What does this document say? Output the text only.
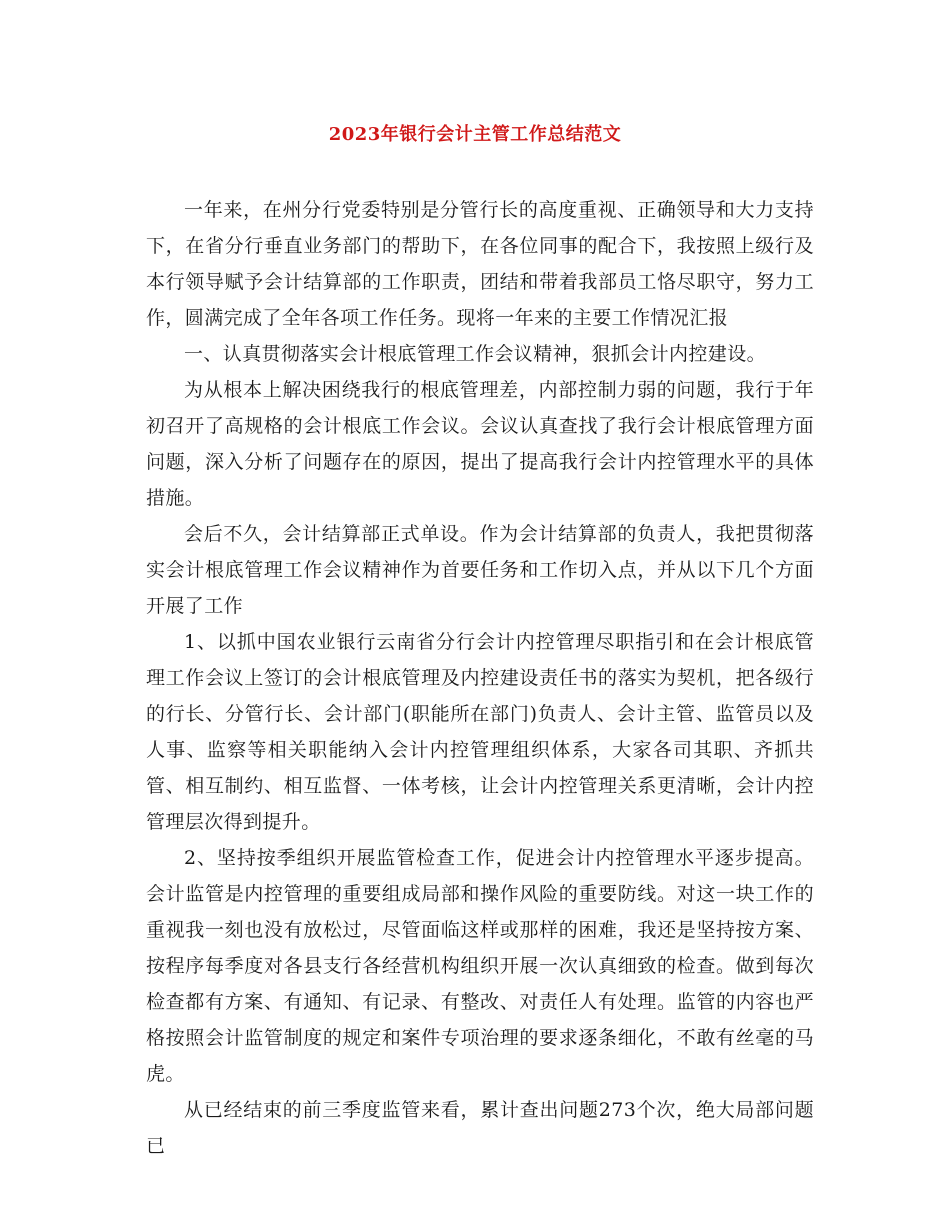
2023年银行会计主管工作总结范文

一年来，在州分行党委特别是分管行长的高度重视、正确领导和大力支持下，在省分行垂直业务部门的帮助下，在各位同事的配合下，我按照上级行及本行领导赋予会计结算部的工作职责，团结和带着我部员工恪尽职守，努力工作，圆满完成了全年各项工作任务。现将一年来的主要工作情况汇报

一、认真贯彻落实会计根底管理工作会议精神，狠抓会计内控建设。

为从根本上解决困绕我行的根底管理差，内部控制力弱的问题，我行于年初召开了高规格的会计根底工作会议。会议认真查找了我行会计根底管理方面问题，深入分析了问题存在的原因，提出了提高我行会计内控管理水平的具体措施。

会后不久，会计结算部正式单设。作为会计结算部的负责人，我把贯彻落实会计根底管理工作会议精神作为首要任务和工作切入点，并从以下几个方面开展了工作

1、以抓中国农业银行云南省分行会计内控管理尽职指引和在会计根底管理工作会议上签订的会计根底管理及内控建设责任书的落实为契机，把各级行的行长、分管行长、会计部门(职能所在部门)负责人、会计主管、监管员以及人事、监察等相关职能纳入会计内控管理组织体系，大家各司其职、齐抓共管、相互制约、相互监督、一体考核，让会计内控管理关系更清晰，会计内控管理层次得到提升。

2、坚持按季组织开展监管检查工作，促进会计内控管理水平逐步提高。会计监管是内控管理的重要组成局部和操作风险的重要防线。对这一块工作的重视我一刻也没有放松过，尽管面临这样或那样的困难，我还是坚持按方案、按程序每季度对各县支行各经营机构组织开展一次认真细致的检查。做到每次检查都有方案、有通知、有记录、有整改、对责任人有处理。监管的内容也严格按照会计监管制度的规定和案件专项治理的要求逐条细化，不敢有丝毫的马虎。

从已经结束的前三季度监管来看，累计查出问题273个次，绝大局部问题已
